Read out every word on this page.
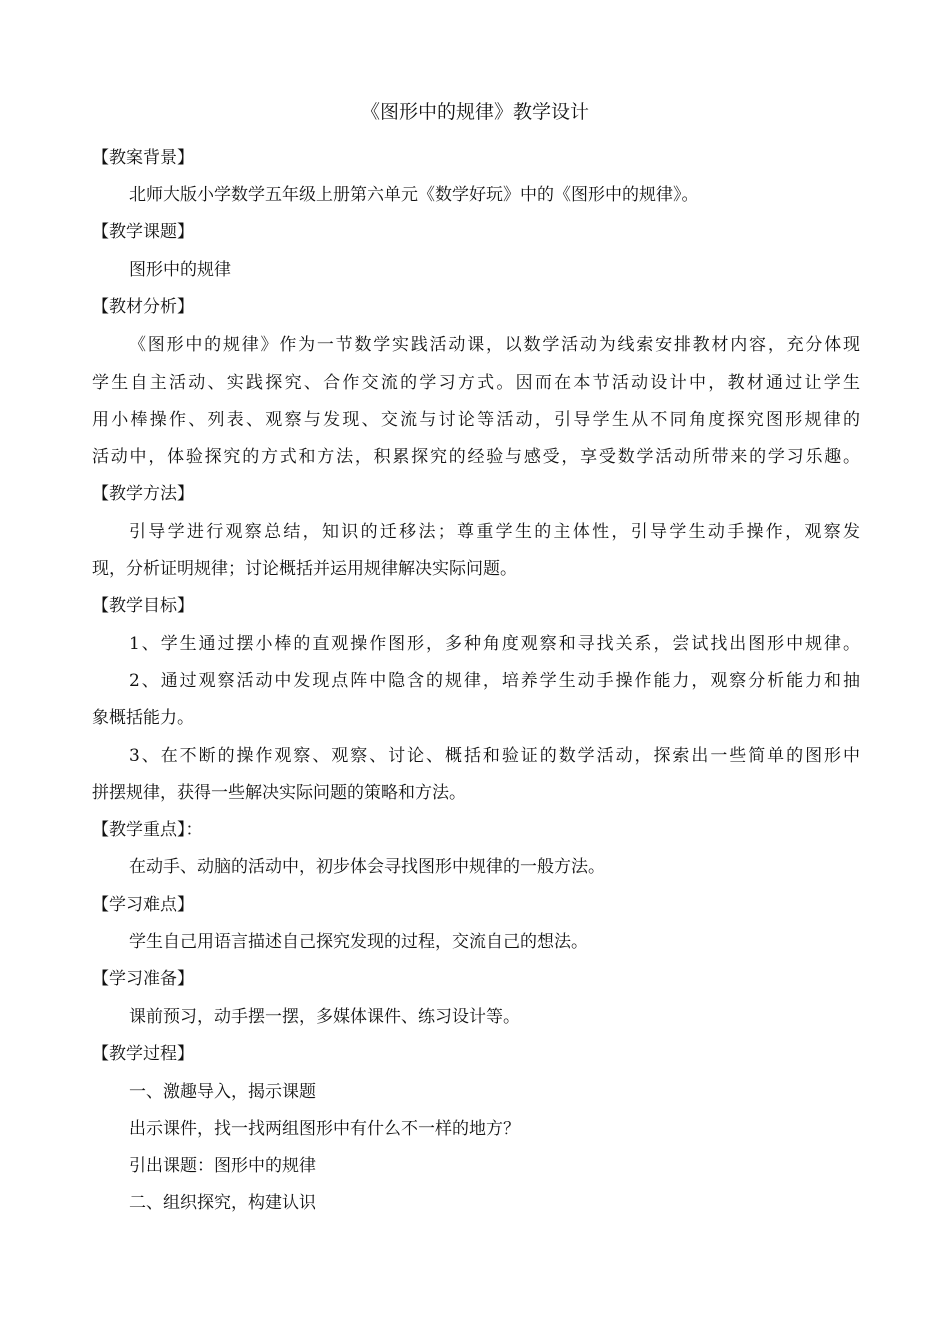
《图形中的规律》教学设计
【教案背景】
北师大版小学数学五年级上册第六单元《数学好玩》中的《图形中的规律》。
【教学课题】
图形中的规律
【教材分析】
《图形中的规律》作为一节数学实践活动课，以数学活动为线索安排教材内容，充分体现
学生自主活动、实践探究、合作交流的学习方式。因而在本节活动设计中，教材通过让学生
用小棒操作、列表、观察与发现、交流与讨论等活动，引导学生从不同角度探究图形规律的
活动中，体验探究的方式和方法，积累探究的经验与感受，享受数学活动所带来的学习乐趣。
【教学方法】
引导学进行观察总结，知识的迁移法；尊重学生的主体性，引导学生动手操作，观察发
现，分析证明规律；讨论概括并运用规律解决实际问题。
【教学目标】
1、学生通过摆小棒的直观操作图形，多种角度观察和寻找关系，尝试找出图形中规律。
2、通过观察活动中发现点阵中隐含的规律，培养学生动手操作能力，观察分析能力和抽
象概括能力。
3、在不断的操作观察、观察、讨论、概括和验证的数学活动，探索出一些简单的图形中
拼摆规律，获得一些解决实际问题的策略和方法。
【教学重点】：
在动手、动脑的活动中，初步体会寻找图形中规律的一般方法。
【学习难点】
学生自己用语言描述自己探究发现的过程，交流自己的想法。
【学习准备】
课前预习，动手摆一摆，多媒体课件、练习设计等。
【教学过程】
一、激趣导入，揭示课题
出示课件，找一找两组图形中有什么不一样的地方？
引出课题：图形中的规律
二、组织探究，构建认识
